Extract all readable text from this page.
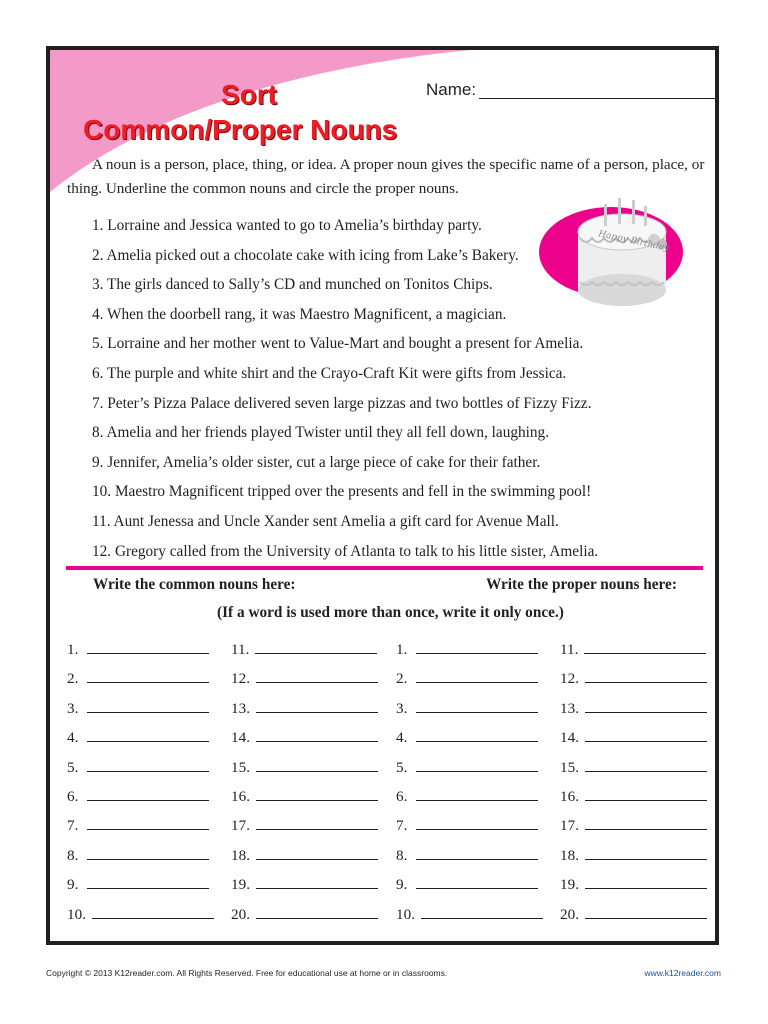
Sort
Common/Proper Nouns
Name:
A noun is a person, place, thing, or idea. A proper noun gives the specific name of a person, place, or
thing. Underline the common nouns and circle the proper nouns.
Happy Birthday
1. Lorraine and Jessica wanted to go to Amelia’s birthday party.
2. Amelia picked out a chocolate cake with icing from Lake’s Bakery.
3. The girls danced to Sally’s CD and munched on Tonitos Chips.
4. When the doorbell rang, it was Maestro Magnificent, a magician.
5. Lorraine and her mother went to Value-Mart and bought a present for Amelia.
6. The purple and white shirt and the Crayo-Craft Kit were gifts from Jessica.
7. Peter’s Pizza Palace delivered seven large pizzas and two bottles of Fizzy Fizz.
8. Amelia and her friends played Twister until they all fell down, laughing.
9. Jennifer, Amelia’s older sister, cut a large piece of cake for their father.
10. Maestro Magnificent tripped over the presents and fell in the swimming pool!
11. Aunt Jenessa and Uncle Xander sent Amelia a gift card for Avenue Mall.
12. Gregory called from the University of Atlanta to talk to his little sister, Amelia.
Write the common nouns here:	Write the proper nouns here:
(If a word is used more than once, write it only once.)
1.
2.
3.
4.
5.
6.
7.
8.
9.
10.
11.
12.
13.
14.
15.
16.
17.
18.
19.
20.
1.
2.
3.
4.
5.
6.
7.
8.
9.
10.
11.
12.
13.
14.
15.
16.
17.
18.
19.
20.
Copyright © 2013 K12reader.com. All Rights Reserved. Free for educational use at home or in classrooms.	www.k12reader.com
